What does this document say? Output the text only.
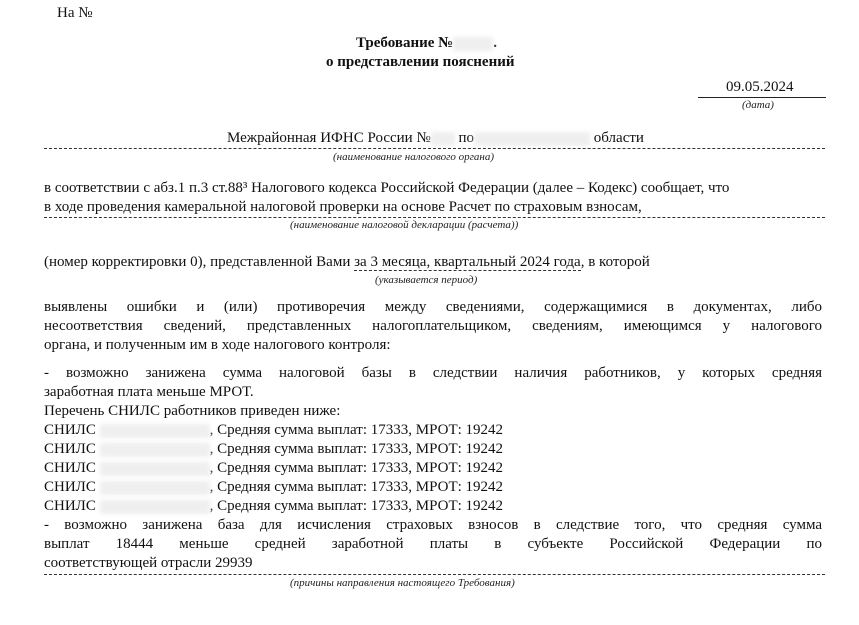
На №
Требование №	.
о представлении пояснений
09.05.2024
(дата)
Межрайонная ИФНС России № по	области
(наименование налогового органа)
в соответствии с абз.1 п.3 ст.88³ Налогового кодекса Российской Федерации (далее – Кодекс) сообщает, что
в ходе проведения камеральной налоговой проверки на основе Расчет по страховым взносам,
(наименование налоговой декларации (расчета))
(номер корректировки 0), представленной Вами за 3 месяца, квартальный 2024 года, в которой
(указывается период)
выявлены ошибки и (или) противоречия между сведениями, содержащимися в документах, либо
несоответствия сведений, представленных налогоплательщиком, сведениям, имеющимся у налогового
органа, и полученным им в ходе налогового контроля:
- возможно занижена сумма налоговой базы в следствии наличия работников, у которых средняя
заработная плата меньше МРОТ.
Перечень СНИЛС работников приведен ниже:
СНИЛС	, Средняя сумма выплат: 17333, МРОТ: 19242
СНИЛС	, Средняя сумма выплат: 17333, МРОТ: 19242
СНИЛС	, Средняя сумма выплат: 17333, МРОТ: 19242
СНИЛС	, Средняя сумма выплат: 17333, МРОТ: 19242
СНИЛС	, Средняя сумма выплат: 17333, МРОТ: 19242
- возможно занижена база для исчисления страховых взносов в следствие того, что средняя сумма
выплат 18444 меньше средней заработной платы в субъекте Российской Федерации по
соответствующей отрасли 29939
(причины направления настоящего Требования)
